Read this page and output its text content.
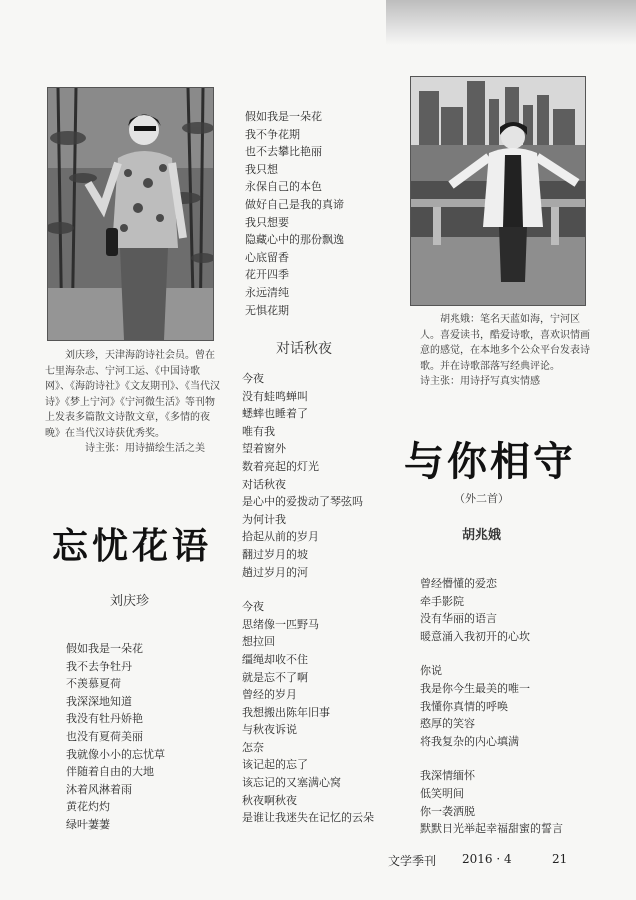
刘庆珍，天津海韵诗社会员。曾在七里海杂志、宁河工运、《中国诗歌网》、《海韵诗社》《文友期刊》、《当代汉诗》《梦上宁河》《宁河微生活》等刊物上发表多篇散文诗散文章，《多情的夜晚》在当代汉诗获优秀奖。

诗主张：用诗描绘生活之美

忘忧花语
刘庆珍
假如我是一朵花
我不去争牡丹
不羡慕夏荷
我深深地知道
我没有牡丹娇艳
也没有夏荷美丽
我就像小小的忘忧草
伴随着自由的大地
沐着风淋着雨
黄花灼灼
绿叶萋萋
假如我是一朵花
我不争花期
也不去攀比艳丽
我只想
永保自己的本色
做好自己是我的真谛
我只想要
隐藏心中的那份飘逸
心底留香
花开四季
永远清纯
无惧花期
对话秋夜
今夜
没有蛙鸣蝉叫
蟋蟀也睡着了
唯有我
望着窗外
数着亮起的灯光
对话秋夜
是心中的爱拨动了琴弦吗
为何计我
拾起从前的岁月
翻过岁月的坡
趟过岁月的河
今夜
思绪像一匹野马
想拉回
缰绳却收不住
就是忘不了啊
曾经的岁月
我想搬出陈年旧事
与秋夜诉说
怎奈
该记起的忘了
该忘记的又塞满心窝
秋夜啊秋夜
是谁让我迷失在记忆的云朵

胡兆娥：笔名天蓝如海，宁河区人。喜爱读书，酷爱诗歌，喜欢识情画意的感觉，在本地多个公众平台发表诗歌。并在诗歌部落写经典评论。

诗主张：用诗抒写真实情感

与你相守
（外二首）
胡兆娥
曾经懵懂的爱恋
牵手影院
没有华丽的语言
暖意涌入我初开的心坎
你说
我是你今生最美的唯一
我懂你真情的呼唤
憨厚的笑容
将我复杂的内心填满
我深情缅怀
低笑明间
你一袭洒脱
默默日光举起幸福甜蜜的誓言
文学季刊 2016 · 4	21
